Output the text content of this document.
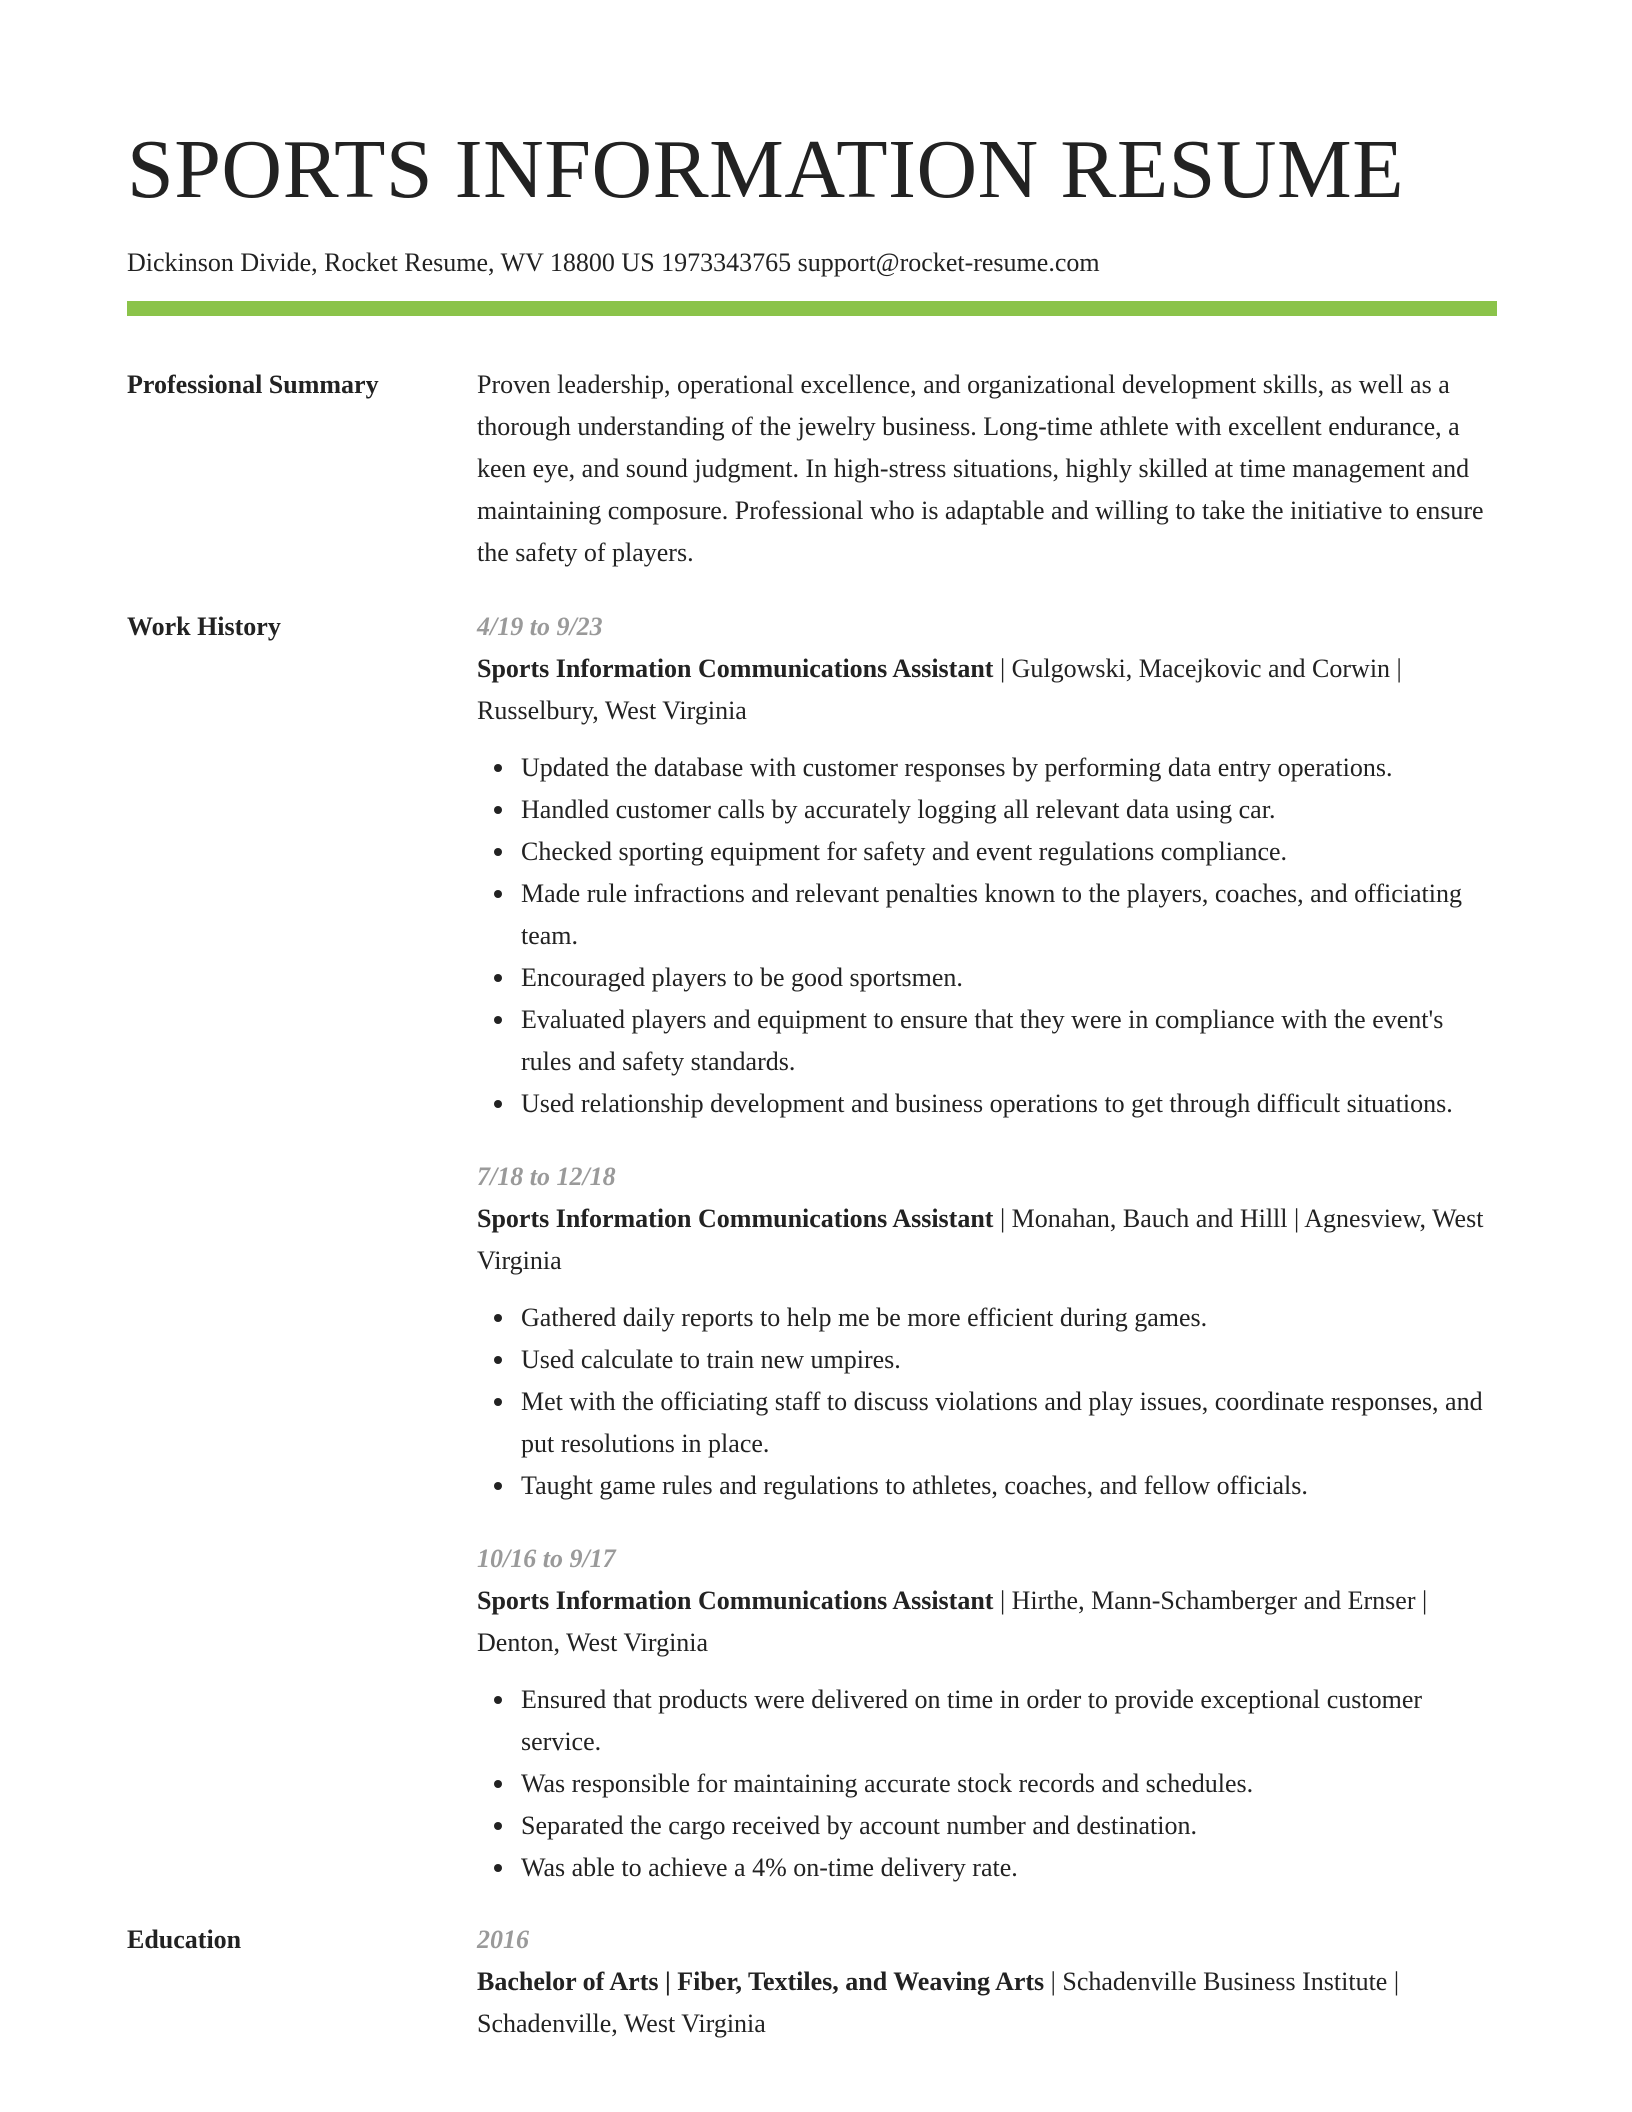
SPORTS INFORMATION RESUME
Dickinson Divide, Rocket Resume, WV 18800 US 1973343765 support@rocket-resume.com
Professional Summary	Proven leadership, operational excellence, and organizational development skills, as well as a thorough understanding of the jewelry business. Long-time athlete with excellent endurance, a keen eye, and sound judgment. In high-stress situations, highly skilled at time management and maintaining composure. Professional who is adaptable and willing to take the initiative to ensure the safety of players.
Work History	4/19 to 9/23
Sports Information Communications Assistant | Gulgowski, Macejkovic and Corwin | Russelbury, West Virginia
Updated the database with customer responses by performing data entry operations.
Handled customer calls by accurately logging all relevant data using car.
Checked sporting equipment for safety and event regulations compliance.
Made rule infractions and relevant penalties known to the players, coaches, and officiating team.
Encouraged players to be good sportsmen.
Evaluated players and equipment to ensure that they were in compliance with the event's rules and safety standards.
Used relationship development and business operations to get through difficult situations.
7/18 to 12/18
Sports Information Communications Assistant | Monahan, Bauch and Hilll | Agnesview, West Virginia
Gathered daily reports to help me be more efficient during games.
Used calculate to train new umpires.
Met with the officiating staff to discuss violations and play issues, coordinate responses, and put resolutions in place.
Taught game rules and regulations to athletes, coaches, and fellow officials.
10/16 to 9/17
Sports Information Communications Assistant | Hirthe, Mann-Schamberger and Ernser | Denton, West Virginia
Ensured that products were delivered on time in order to provide exceptional customer service.
Was responsible for maintaining accurate stock records and schedules.
Separated the cargo received by account number and destination.
Was able to achieve a 4% on-time delivery rate.
Education	2016
Bachelor of Arts | Fiber, Textiles, and Weaving Arts | Schadenville Business Institute | Schadenville, West Virginia
